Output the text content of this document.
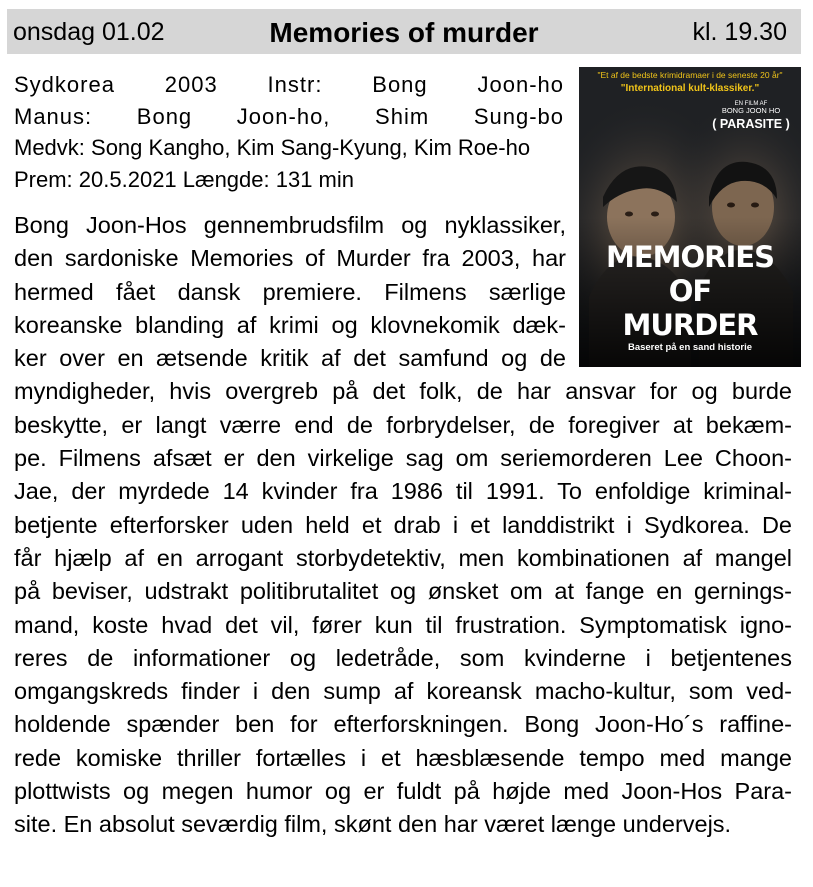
onsdag 01.02	Memories of murder	kl. 19.30
Sydkorea 2003 Instr: Bong Joon-ho
Manus: Bong Joon-ho, Shim Sung-bo
Medvk: Song Kangho, Kim Sang-Kyung, Kim Roe-ho
Prem: 20.5.2021 Længde: 131 min
"Et af de bedste krimidramaer i de seneste 20 år"
"International kult-klassiker."
EN FILM AF
BONG JOON HO
( PARASITE )
MEMORIES
OF
MURDER
Baseret på en sand historie
Bong Joon-Hos gennembrudsfilm og nyklassiker,
den sardoniske Memories of Murder fra 2003, har
hermed fået dansk premiere. Filmens særlige
koreanske blanding af krimi og klovnekomik dæk-
ker over en ætsende kritik af det samfund og de
myndigheder, hvis overgreb på det folk, de har ansvar for og burde
beskytte, er langt værre end de forbrydelser, de foregiver at bekæm-
pe. Filmens afsæt er den virkelige sag om seriemorderen Lee Choon-
Jae, der myrdede 14 kvinder fra 1986 til 1991. To enfoldige kriminal-
betjente efterforsker uden held et drab i et landdistrikt i Sydkorea. De
får hjælp af en arrogant storbydetektiv, men kombinationen af mangel
på beviser, udstrakt politibrutalitet og ønsket om at fange en gernings-
mand, koste hvad det vil, fører kun til frustration. Symptomatisk igno-
reres de informationer og ledetråde, som kvinderne i betjentenes
omgangskreds finder i den sump af koreansk macho-kultur, som ved-
holdende spænder ben for efterforskningen. Bong Joon-Ho´s raffine-
rede komiske thriller fortælles i et hæsblæsende tempo med mange
plottwists og megen humor og er fuldt på højde med Joon-Hos Para-
site. En absolut seværdig film, skønt den har været længe undervejs.
